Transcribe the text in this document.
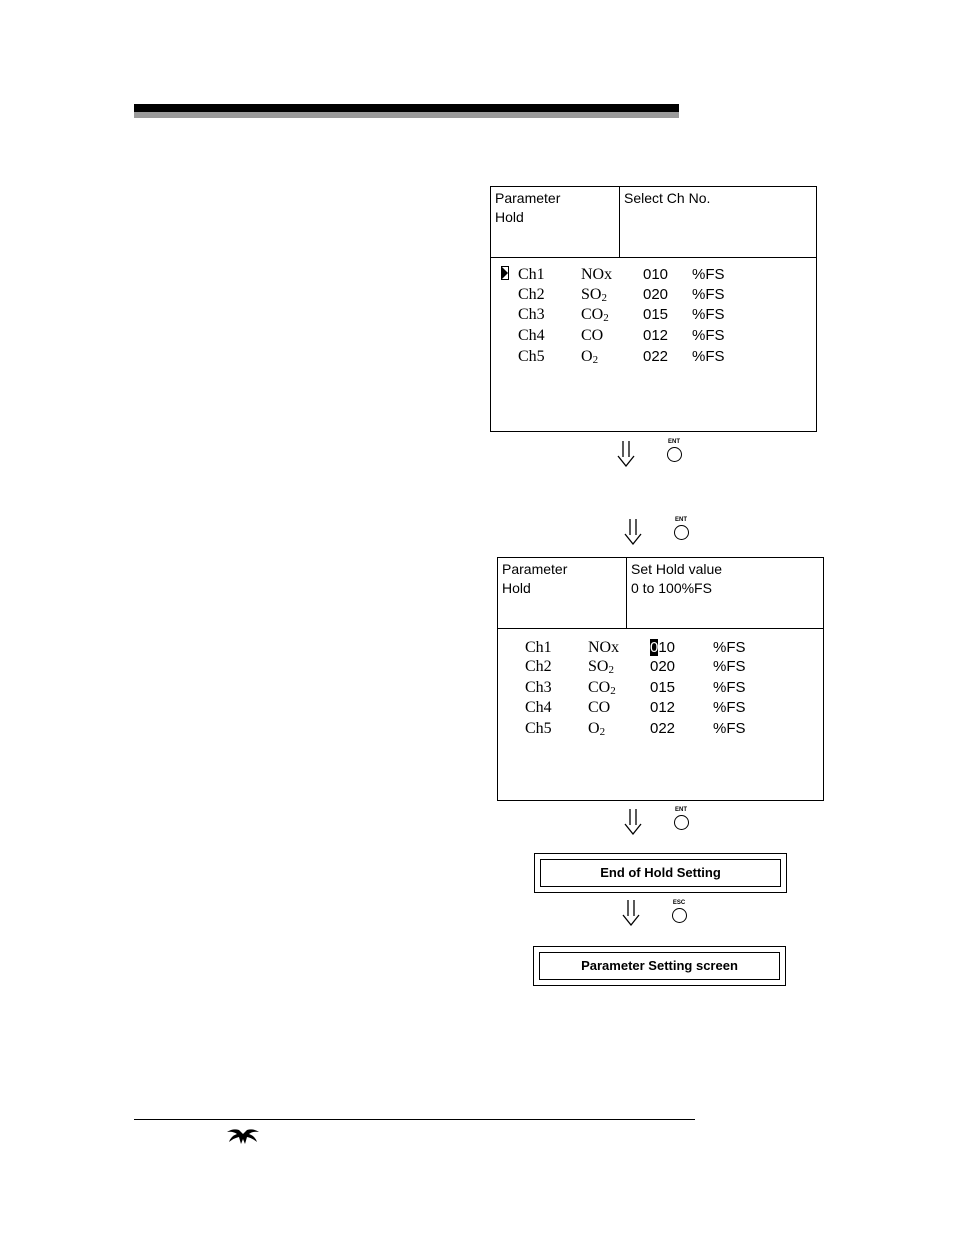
Parameter
Hold
Select Ch No.
Ch1 NOx 010 %FS
Ch2 $SO_2$ 020 %FS
Ch3 $CO_2$ 015 %FS
Ch4 CO	012 %FS
Ch5 $O_2$	022 %FS
ENT
ENT
Parameter
Hold
Set Hold value
0 to 100%FS
Ch1 NOx 010	%FS
Ch2 $SO_2$ 020	%FS
Ch3 $CO_2$ 015	%FS
Ch4 CO	012	%FS
Ch5 $O_2$	022	%FS
ENT
End of Hold Setting
ESC
Parameter Setting screen
